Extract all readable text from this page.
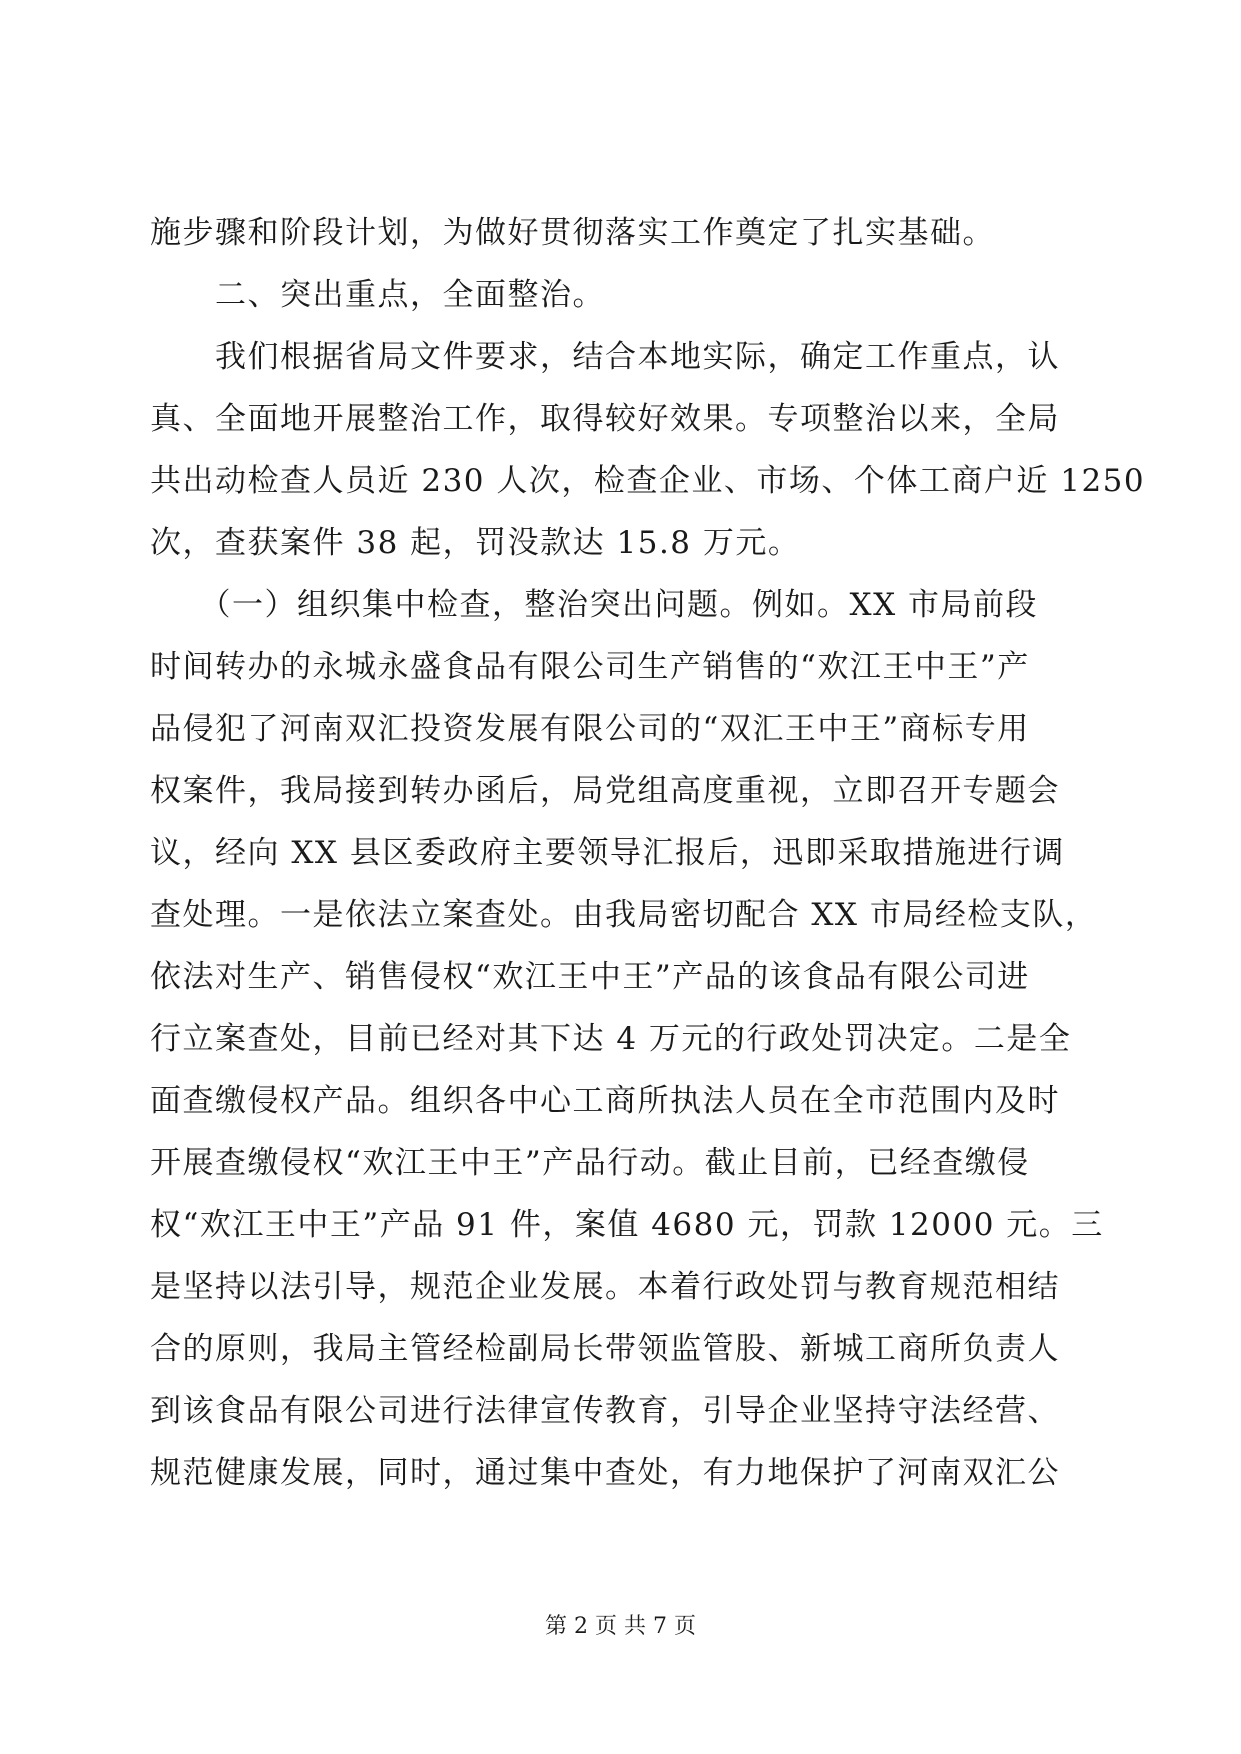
施步骤和阶段计划，为做好贯彻落实工作奠定了扎实基础。
　　二、突出重点，全面整治。
　　我们根据省局文件要求，结合本地实际，确定工作重点，认
真、全面地开展整治工作，取得较好效果。专项整治以来，全局
共出动检查人员近 230 人次，检查企业、市场、个体工商户近 1250
次，查获案件 38 起，罚没款达 15.8 万元。
　　（一）组织集中检查，整治突出问题。例如。XX 市局前段
时间转办的永城永盛食品有限公司生产销售的“欢江王中王”产
品侵犯了河南双汇投资发展有限公司的“双汇王中王”商标专用
权案件，我局接到转办函后，局党组高度重视，立即召开专题会
议，经向 XX 县区委政府主要领导汇报后，迅即采取措施进行调
查处理。一是依法立案查处。由我局密切配合 XX 市局经检支队，
依法对生产、销售侵权“欢江王中王”产品的该食品有限公司进
行立案查处，目前已经对其下达 4 万元的行政处罚决定。二是全
面查缴侵权产品。组织各中心工商所执法人员在全市范围内及时
开展查缴侵权“欢江王中王”产品行动。截止目前，已经查缴侵
权“欢江王中王”产品 91 件，案值 4680 元，罚款 12000 元。三
是坚持以法引导，规范企业发展。本着行政处罚与教育规范相结
合的原则，我局主管经检副局长带领监管股、新城工商所负责人
到该食品有限公司进行法律宣传教育，引导企业坚持守法经营、
规范健康发展，同时，通过集中查处，有力地保护了河南双汇公
第 2 页 共 7 页
